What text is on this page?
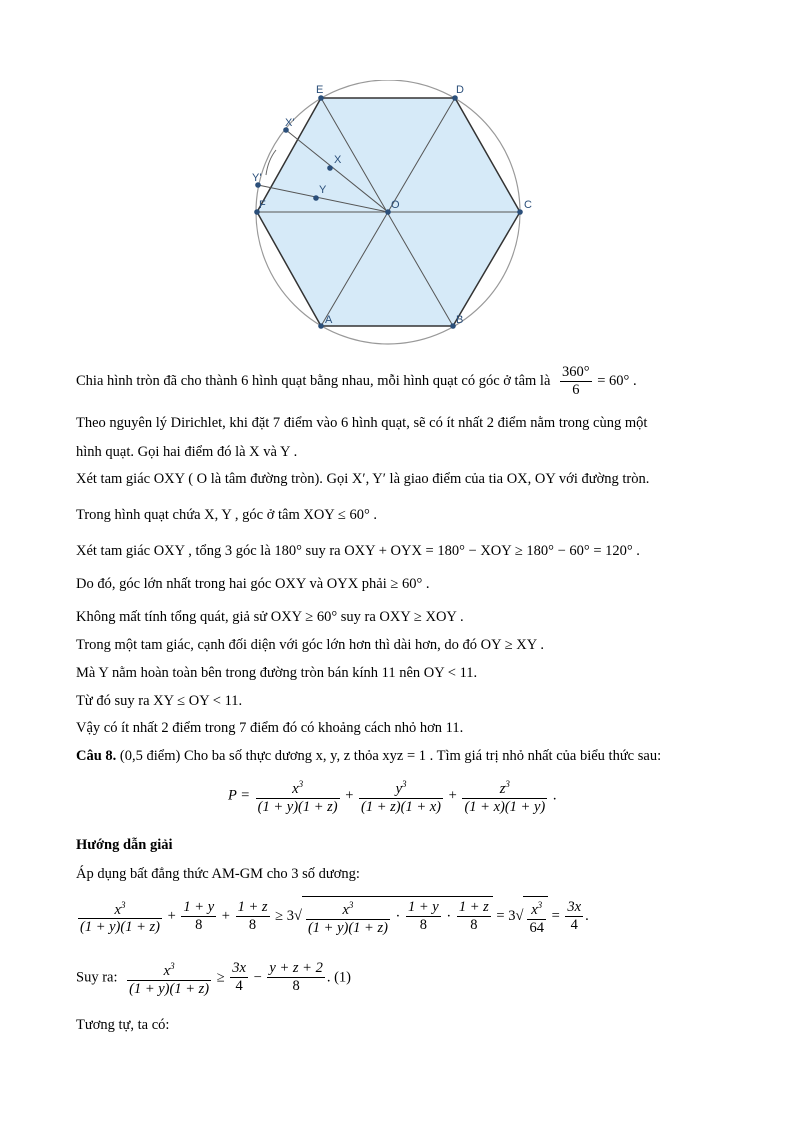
E	D
C
B
A
F	O
X
Y
X'
Y'
Chia hình tròn đã cho thành 6 hình quạt bằng nhau, mỗi hình quạt có góc ở tâm là $\frac{360^\circ}{6} = 60^\circ$ .
Theo nguyên lý Dirichlet, khi đặt 7 điểm vào 6 hình quạt, sẽ có ít nhất 2 điểm nằm trong cùng một
hình quạt. Gọi hai điểm đó là X và Y .
Xét tam giác OXY ( O là tâm đường tròn). Gọi X′, Y′ là giao điểm của tia OX, OY với đường tròn.
Trong hình quạt chứa X, Y , góc ở tâm XOY ≤ 60° .
Xét tam giác OXY , tổng 3 góc là 180° suy ra OXY + OYX = 180° − XOY ≥ 180° − 60° = 120° .
Do đó, góc lớn nhất trong hai góc OXY và OYX phải ≥ 60° .
Không mất tính tổng quát, giả sử OXY ≥ 60° suy ra OXY ≥ XOY .
Trong một tam giác, cạnh đối diện với góc lớn hơn thì dài hơn, do đó OY ≥ XY .
Mà Y nằm hoàn toàn bên trong đường tròn bán kính 11 nên OY < 11.
Từ đó suy ra XY ≤ OY < 11.
Vậy có ít nhất 2 điểm trong 7 điểm đó có khoảng cách nhỏ hơn 11.
Câu 8. (0,5 điểm) Cho ba số thực dương x, y, z thỏa xyz = 1 . Tìm giá trị nhỏ nhất của biểu thức sau:
$P = \frac{x^3}{(1 + y)(1 + z)} + \frac{y^3}{(1 + z)(1 + x)} + \frac{z^3}{(1 + x)(1 + y)}$ .
Hướng dẫn giải
Áp dụng bất đẳng thức AM-GM cho 3 số dương:
$\frac{x^3}{(1 + y)(1 + z)} + \frac{1 + y}{8} + \frac{1 + z}{8} \ge 3√ \frac{x^3}{(1 + y)(1 + z)} \cdot \frac{1 + y}{8} \cdot \frac{1 + z}{8} = 3√ \frac{x^3}{64} = \frac{3x}{4}$ .
Suy ra: $\frac{x^3}{(1 + y)(1 + z)} \ge \frac{3x}{4} - \frac{y + z + 2}{8}$ . (1)
Tương tự, ta có:
